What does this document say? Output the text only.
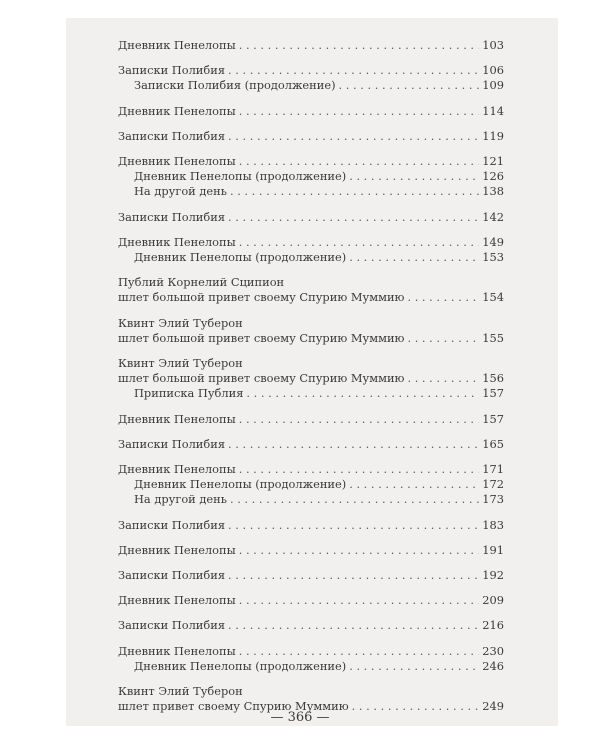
Дневник Пенелопы . . .	103
Записки Полибия . . .	106
Записки Полибия (продолжение) . . .	109
Дневник Пенелопы . . .	114
Записки Полибия . . .	119
Дневник Пенелопы . . .	121
Дневник Пенелопы (продолжение) . . .	126
На другой день . . .	138
Записки Полибия . . .	142
Дневник Пенелопы . . .	149
Дневник Пенелопы (продолжение) . . .	153
Публий Корнелий Сципион
шлет большой привет своему Спурию Муммию . . .	154
Квинт Элий Туберон
шлет большой привет своему Спурию Муммию . . .	155
Квинт Элий Туберон
шлет большой привет своему Спурию Муммию . . .	156
Приписка Публия . . .	157
Дневник Пенелопы . . .	157
Записки Полибия . . .	165
Дневник Пенелопы . . .	171
Дневник Пенелопы (продолжение) . . .	172
На другой день . . .	173
Записки Полибия . . .	183
Дневник Пенелопы . . .	191
Записки Полибия . . .	192
Дневник Пенелопы . . .	209
Записки Полибия . . .	216
Дневник Пенелопы . . .	230
Дневник Пенелопы (продолжение) . . .	246
Квинт Элий Туберон
шлет привет своему Спурию Муммию . . .	249
— 366 —
